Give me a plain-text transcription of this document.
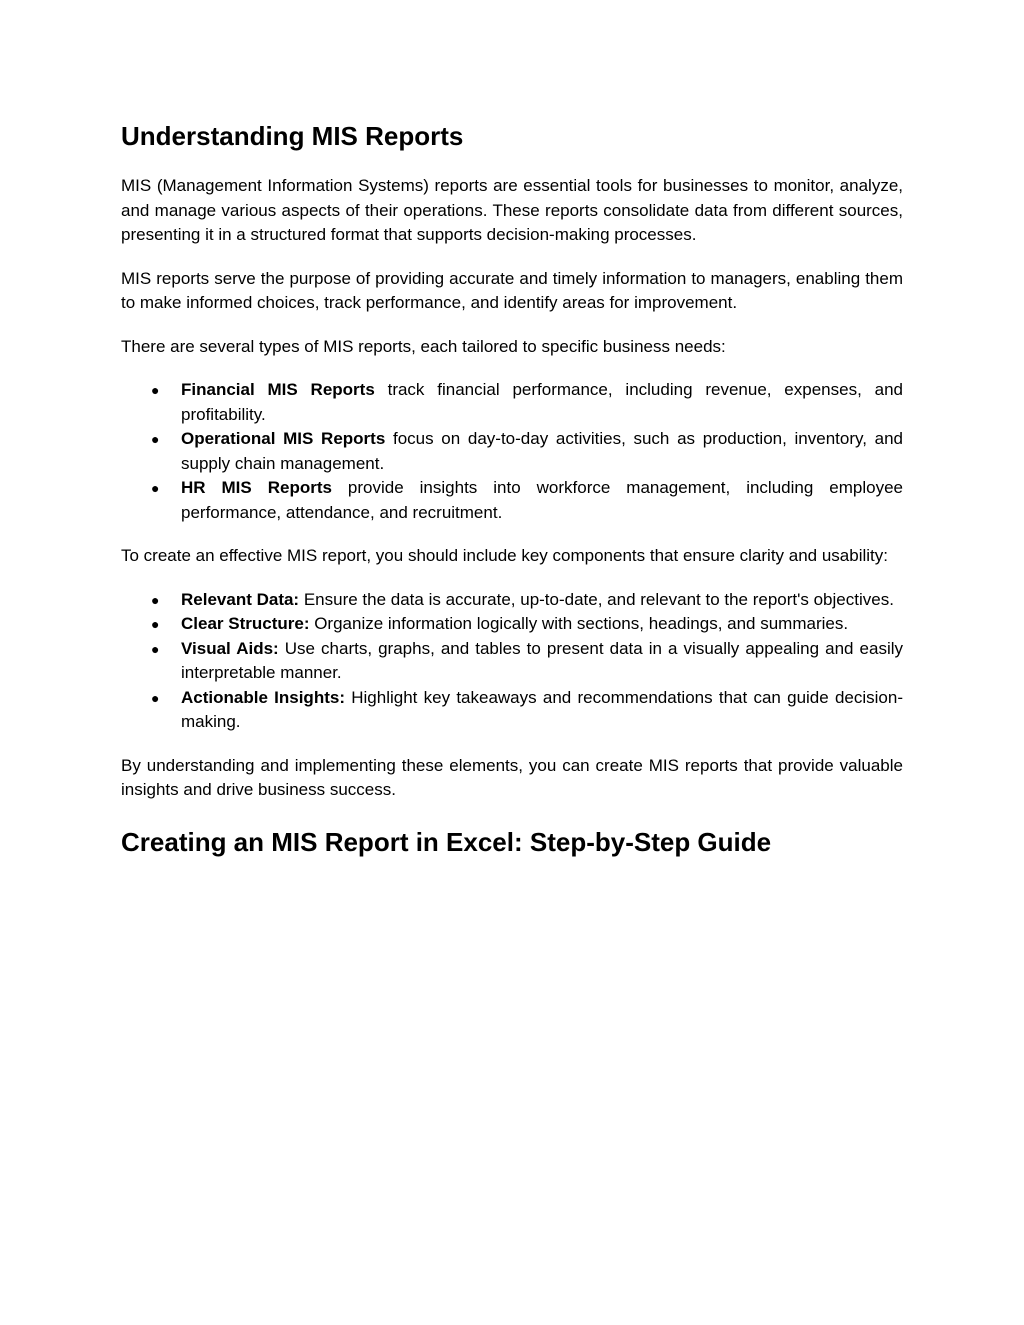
Understanding MIS Reports

MIS (Management Information Systems) reports are essential tools for businesses to monitor, analyze, and manage various aspects of their operations. These reports consolidate data from different sources, presenting it in a structured format that supports decision-making processes.

MIS reports serve the purpose of providing accurate and timely information to managers, enabling them to make informed choices, track performance, and identify areas for improvement.

There are several types of MIS reports, each tailored to specific business needs:

● Financial MIS Reports track financial performance, including revenue, expenses, and profitability.
● Operational MIS Reports focus on day-to-day activities, such as production, inventory, and supply chain management.
● HR MIS Reports provide insights into workforce management, including employee performance, attendance, and recruitment.

To create an effective MIS report, you should include key components that ensure clarity and usability:

● Relevant Data: Ensure the data is accurate, up-to-date, and relevant to the report's objectives.
● Clear Structure: Organize information logically with sections, headings, and summaries.
● Visual Aids: Use charts, graphs, and tables to present data in a visually appealing and easily interpretable manner.
● Actionable Insights: Highlight key takeaways and recommendations that can guide decision-making.

By understanding and implementing these elements, you can create MIS reports that provide valuable insights and drive business success.

Creating an MIS Report in Excel: Step-by-Step Guide
